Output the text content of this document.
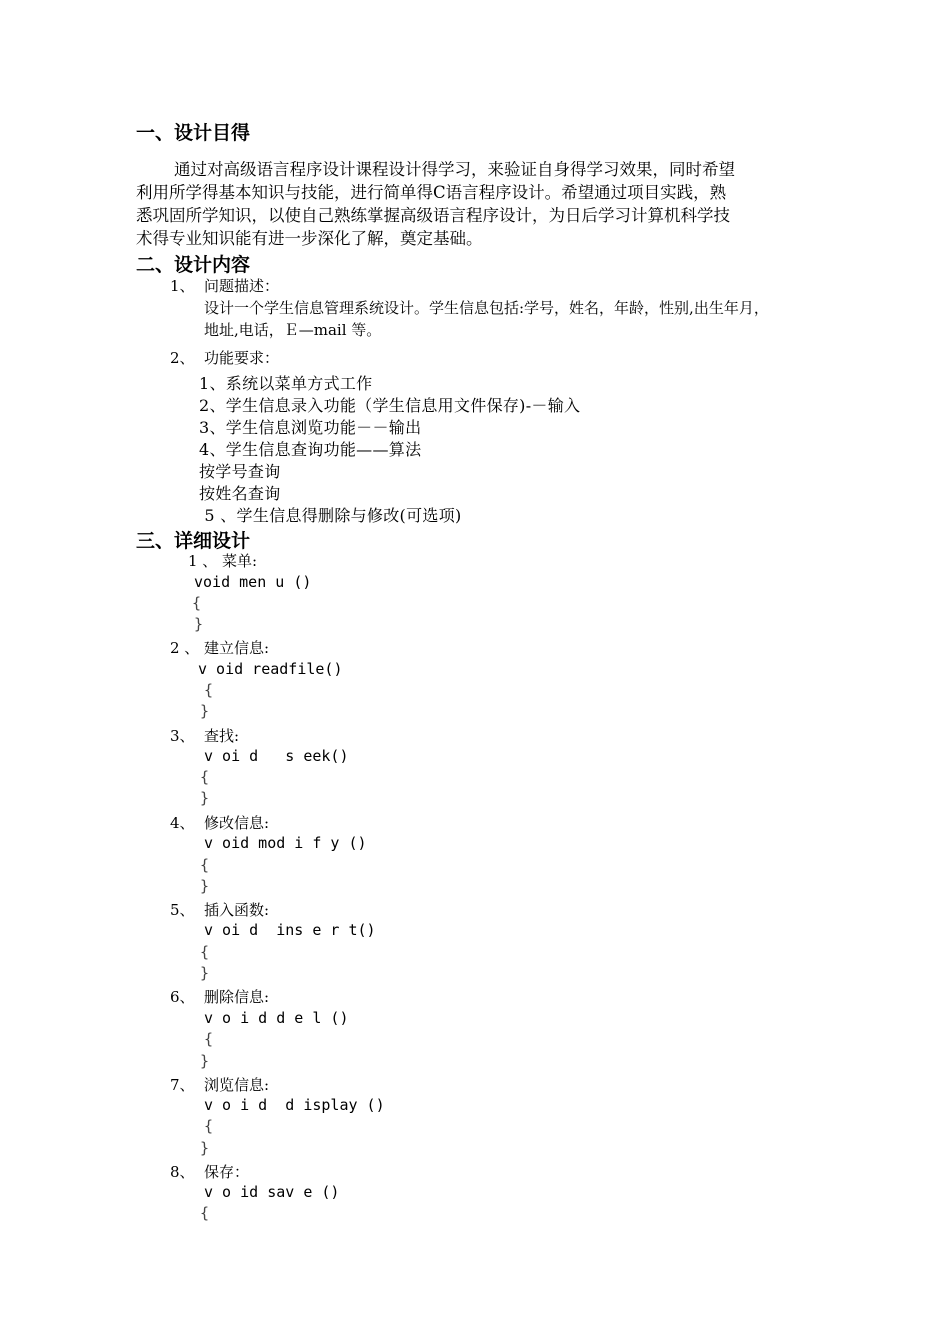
一、设计目得
通过对高级语言程序设计课程设计得学习，来验证自身得学习效果，同时希望
利用所学得基本知识与技能，进行简单得C语言程序设计。希望通过项目实践，熟
悉巩固所学知识，以使自己熟练掌握高级语言程序设计，为日后学习计算机科学技
术得专业知识能有进一步深化了解，奠定基础。
二、设计内容
1、 问题描述：
设计一个学生信息管理系统设计。学生信息包括:学号，姓名，年龄，性别,出生年月，
地址,电话，Ｅ—mail 等。
2、 功能要求：
1、系统以菜单方式工作
2、学生信息录入功能（学生信息用文件保存)-－输入
3、学生信息浏览功能－－输出
4、学生信息查询功能——算法
按学号查询
按姓名查询
5 、学生信息得删除与修改(可选项)
三、详细设计
1 、 菜单:
void men u ()
{
}
2 、 建立信息:
v oid readfile()
{
}
3、 查找:
v oi d   s eek()
{
}
4、 修改信息:
v oid mod i f y ()
{
}
5、 插入函数:
v oi d  ins e r t()
{
}
6、 删除信息:
v o i d d e l ()
{
}
7、 浏览信息:
v o i d  d isplay ()
{
}
8、 保存：
v o id sav e ()
{
